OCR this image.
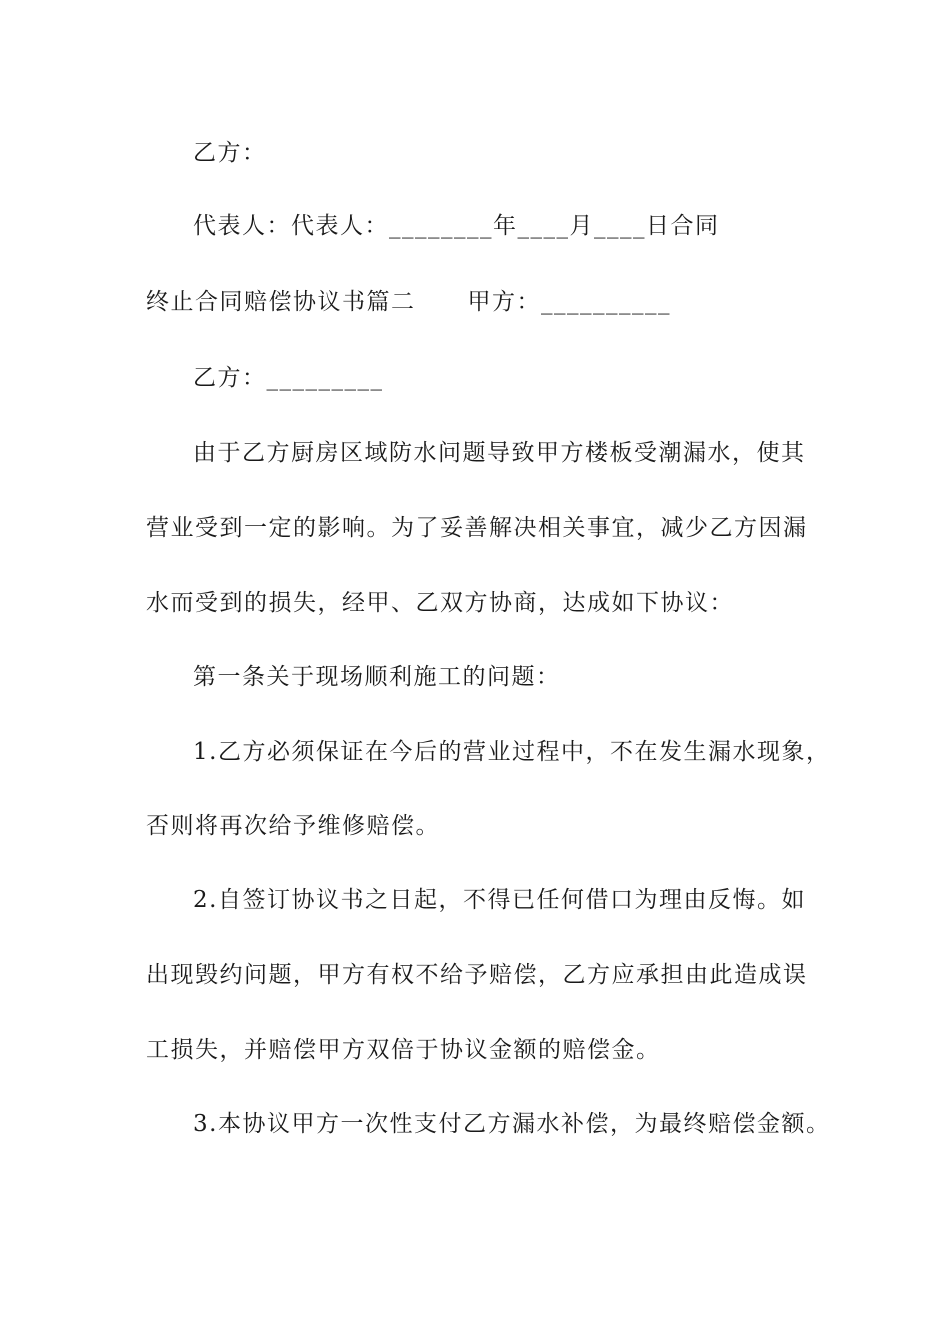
乙方：
代表人：代表人：________年____月____日合同
终止合同赔偿协议书篇二 甲方：__________
乙方：_________
由于乙方厨房区域防水问题导致甲方楼板受潮漏水，使其
营业受到一定的影响。为了妥善解决相关事宜，减少乙方因漏
水而受到的损失，经甲、乙双方协商，达成如下协议：
第一条关于现场顺利施工的问题：
1.乙方必须保证在今后的营业过程中，不在发生漏水现象，
否则将再次给予维修赔偿。
2.自签订协议书之日起，不得已任何借口为理由反悔。如
出现毁约问题，甲方有权不给予赔偿，乙方应承担由此造成误
工损失，并赔偿甲方双倍于协议金额的赔偿金。
3.本协议甲方一次性支付乙方漏水补偿，为最终赔偿金额。
